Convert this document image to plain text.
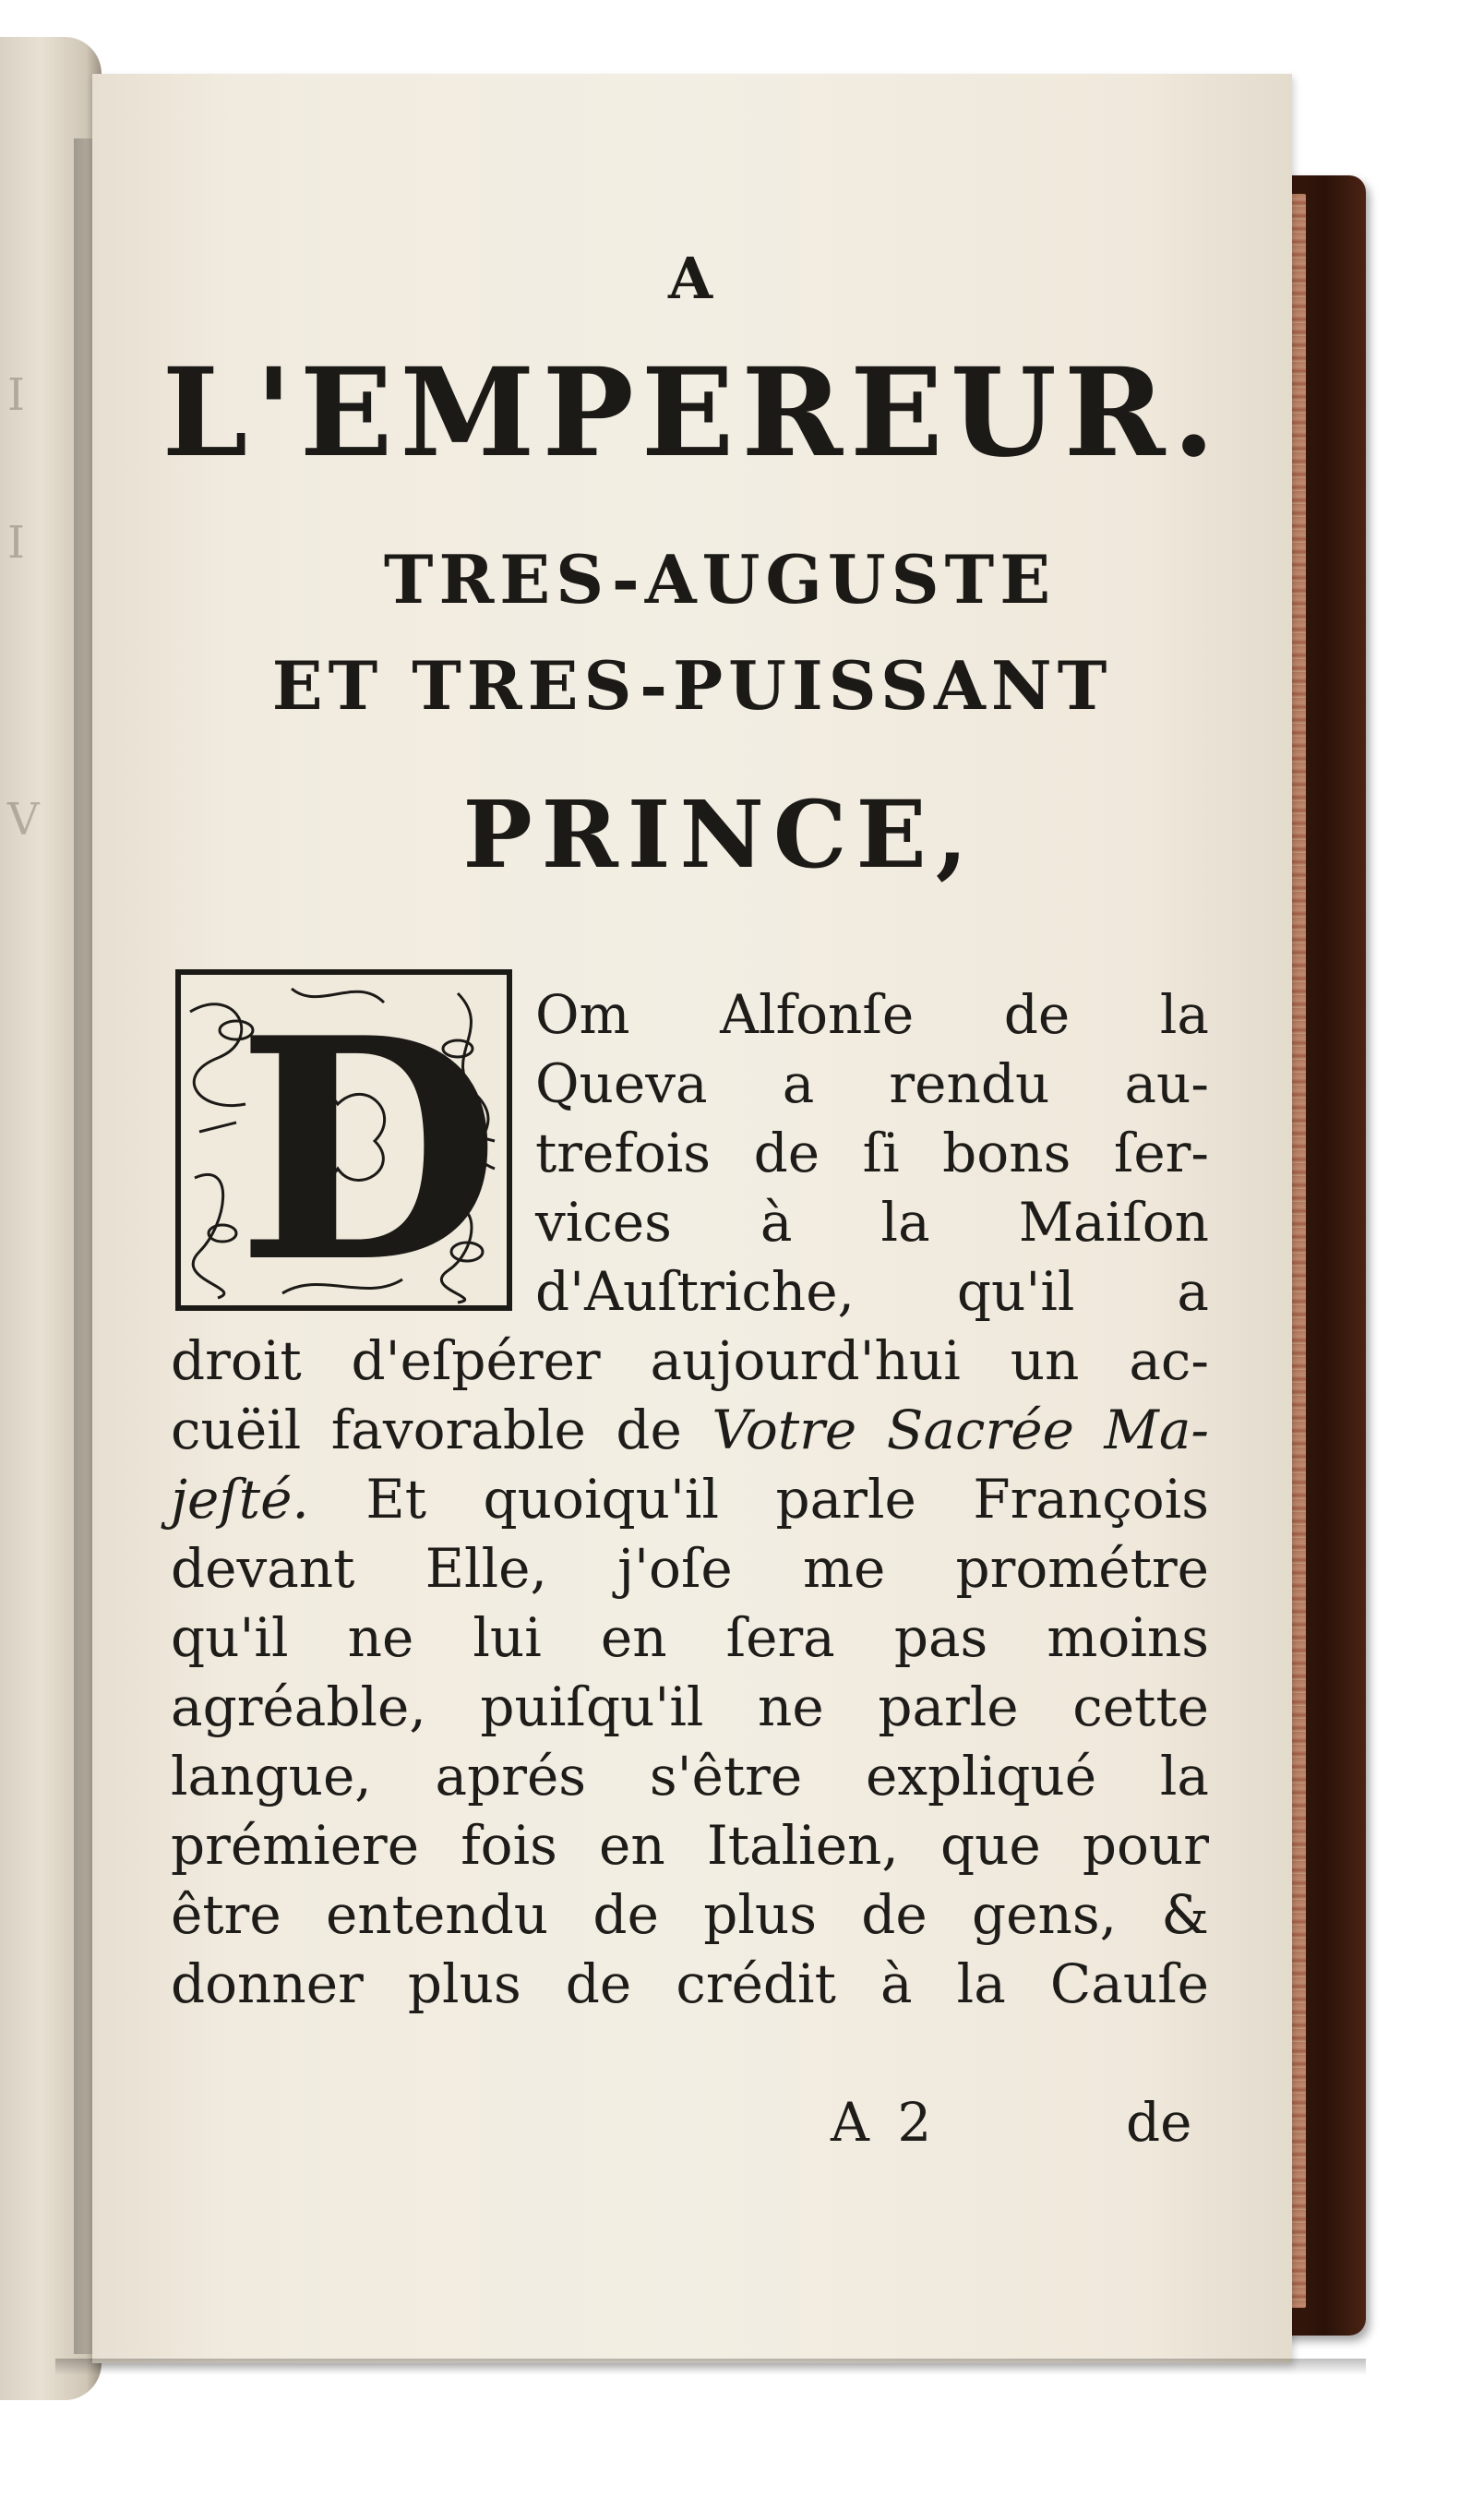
I
I
V
A
L'EMPEREUR.
TRES-AUGUSTE
ET TRES-PUISSANT
PRINCE,
D Om Alfonſe de la

Queva a rendu au-

trefois de ſi bons ſer-

vices à la Maiſon

d'Auſtriche, qu'il a

droit d'eſpérer aujourd'hui un ac-

cuëil favorable de Votre Sacrée Ma-

jeſté. Et quoiqu'il parle François

devant Elle, j'oſe me prométre

qu'il ne lui en ſera pas moins

agréable, puiſqu'il ne parle cette

langue, aprés s'être expliqué la

prémiere fois en Italien, que pour

être entendu de plus de gens, &

donner plus de crédit à la Cauſe

A 2	de
